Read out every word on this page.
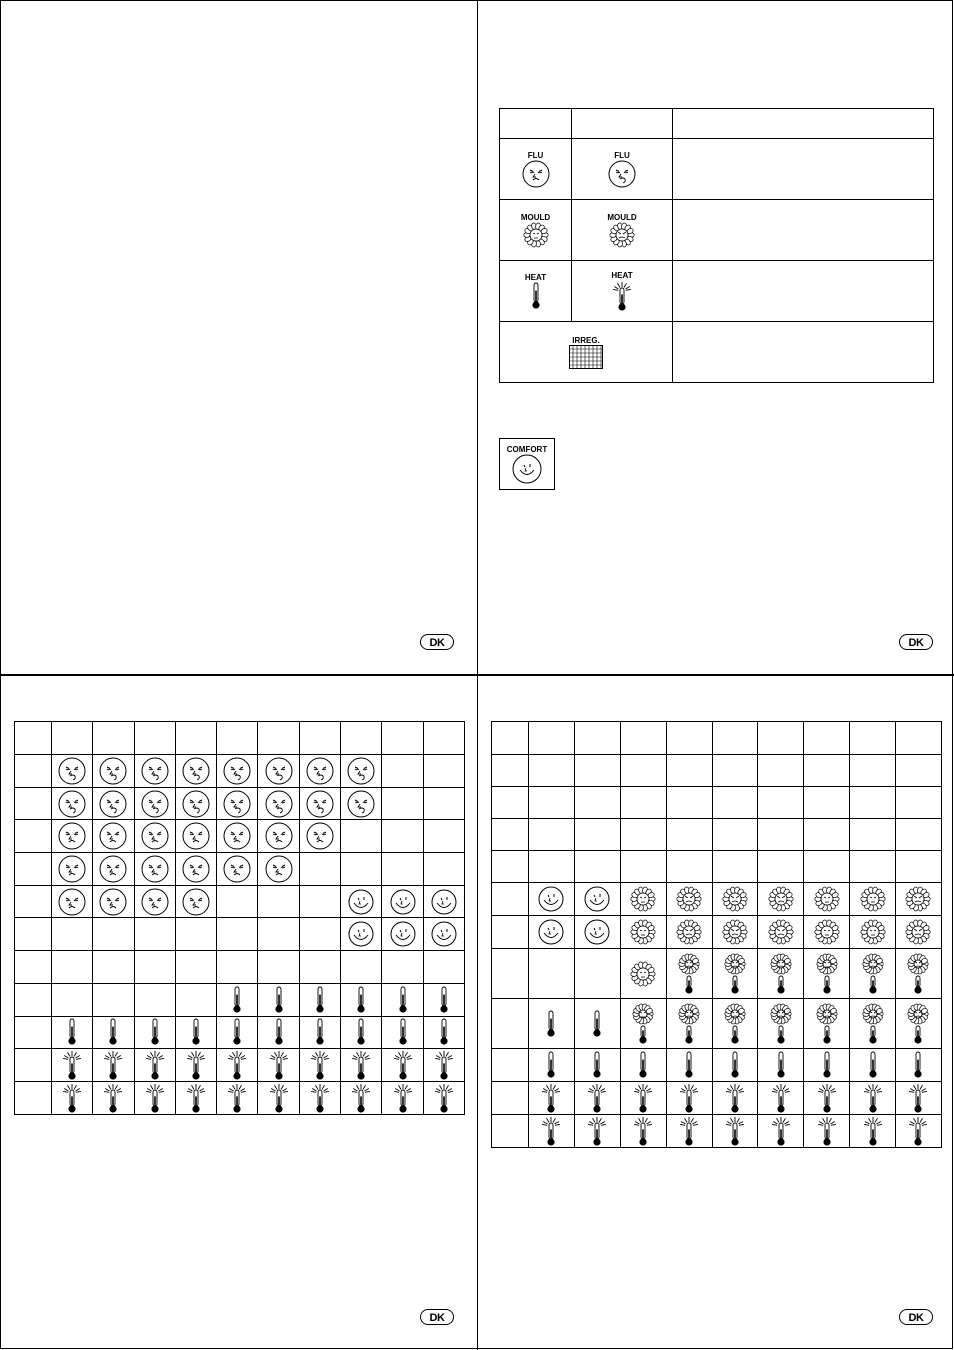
DK	DK
DK	DK

FLU	FLU	

MOULD	MOULD	

HEAT	HEAT	

IRREG.		

COMFORT
